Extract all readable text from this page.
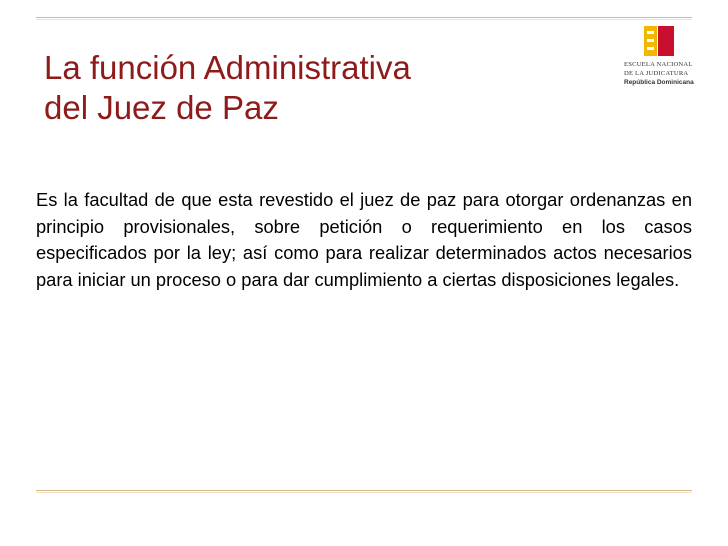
La función Administrativa
del Juez de Paz
ESCUELA NACIONAL
DE LA JUDICATURA
República Dominicana

Es la facultad de que esta revestido el juez de paz para otorgar ordenanzas en principio provisionales, sobre petición o requerimiento en los casos especificados por la ley; así como para realizar determinados actos necesarios para iniciar un proceso o para dar cumplimiento a ciertas disposiciones legales.
